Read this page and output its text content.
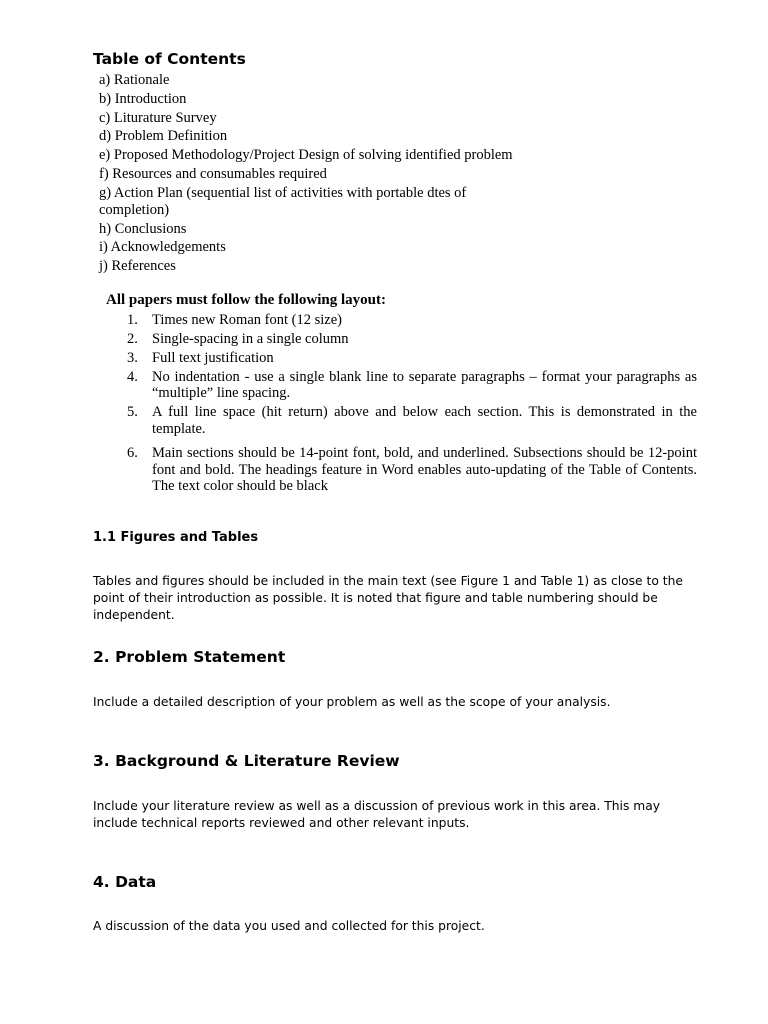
Table of Contents
a) Rationale
b) Introduction
c) Liturature Survey
d) Problem Definition
e) Proposed Methodology/Project Design of solving identified problem
f) Resources and consumables required
g) Action Plan (sequential list of activities with portable dtes of completion)
h) Conclusions
i) Acknowledgements
j) References
All papers must follow the following layout:
1. Times new Roman font (12 size)
2. Single-spacing in a single column
3. Full text justification
4. No indentation - use a single blank line to separate paragraphs – format your paragraphs as “multiple” line spacing.
5. A full line space (hit return) above and below each section. This is demonstrated in the template.
6. Main sections should be 14-point font, bold, and underlined. Subsections should be 12-point font and bold. The headings feature in Word enables auto-updating of the Table of Contents. The text color should be black
1.1 Figures and Tables
Tables and figures should be included in the main text (see Figure 1 and Table 1) as close to the point of their introduction as possible. It is noted that figure and table numbering should be independent.
2. Problem Statement
Include a detailed description of your problem as well as the scope of your analysis.
3. Background & Literature Review
Include your literature review as well as a discussion of previous work in this area. This may include technical reports reviewed and other relevant inputs.
4. Data
A discussion of the data you used and collected for this project.
